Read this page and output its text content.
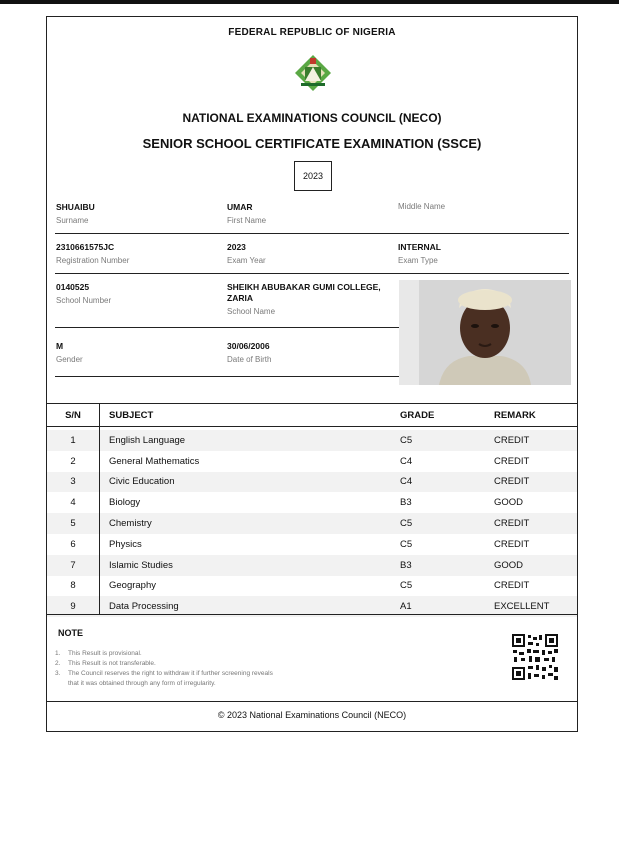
FEDERAL REPUBLIC OF NIGERIA
NATIONAL EXAMINATIONS COUNCIL (NECO)
SENIOR SCHOOL CERTIFICATE EXAMINATION (SSCE)
2023
SHUAIBU
Surname
UMAR
First Name
Middle Name
2310661575JC
Registration Number
2023
Exam Year
INTERNAL
Exam Type
0140525
School Number
SHEIKH ABUBAKAR GUMI COLLEGE, ZARIA
School Name
M
Gender
30/06/2006
Date of Birth
S/N	SUBJECT	GRADE	REMARK
1	English Language	C5	CREDIT
2	General Mathematics	C4	CREDIT
3	Civic Education	C4	CREDIT
4	Biology	B3	GOOD
5	Chemistry	C5	CREDIT
6	Physics	C5	CREDIT
7	Islamic Studies	B3	GOOD
8	Geography	C5	CREDIT
9	Data Processing	A1	EXCELLENT
NOTE
1.	This Result is provisional.
2.	This Result is not transferable.
3.	The Council reserves the right to withdraw it if further screening reveals
that it was obtained through any form of irregularity.
© 2023 National Examinations Council (NECO)
